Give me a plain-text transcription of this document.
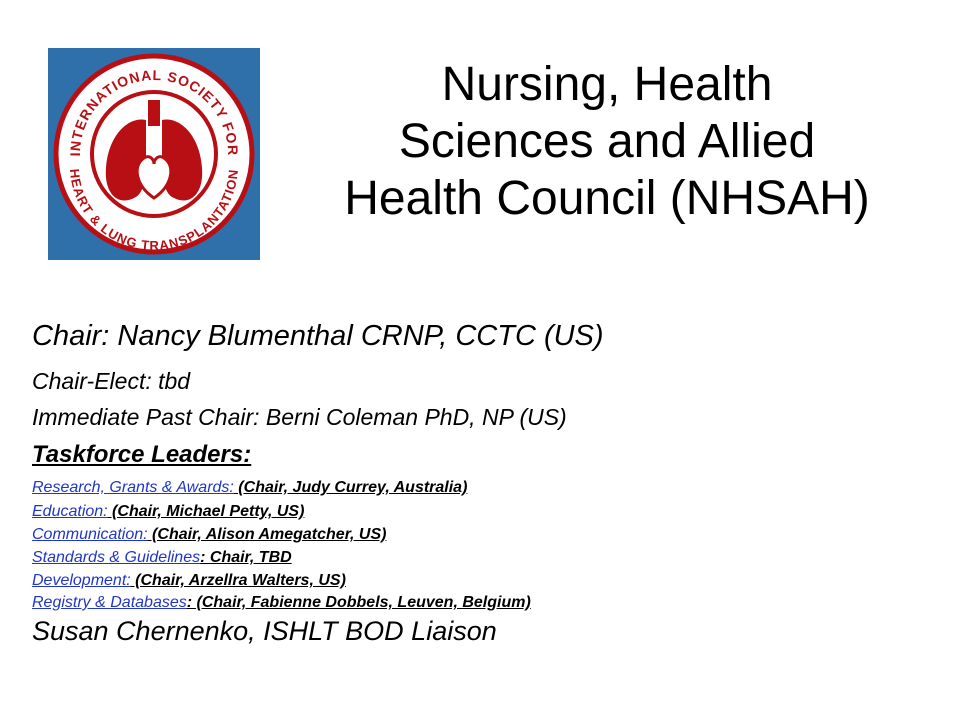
INTERNATIONAL SOCIETY FOR
HEART & LUNG TRANSPLANTATION
Nursing, Health
Sciences and Allied
Health Council (NHSAH)

Chair: Nancy Blumenthal CRNP, CCTC (US)

Chair-Elect: tbd

Immediate Past Chair: Berni Coleman PhD, NP (US)

Taskforce Leaders:

Research, Grants & Awards: (Chair, Judy Currey, Australia)

Education: (Chair, Michael Petty, US)

Communication: (Chair, Alison Amegatcher, US)

Standards & Guidelines: Chair, TBD

Development: (Chair, Arzellra Walters, US)

Registry & Databases: (Chair, Fabienne Dobbels, Leuven, Belgium)

Susan Chernenko, ISHLT BOD Liaison
